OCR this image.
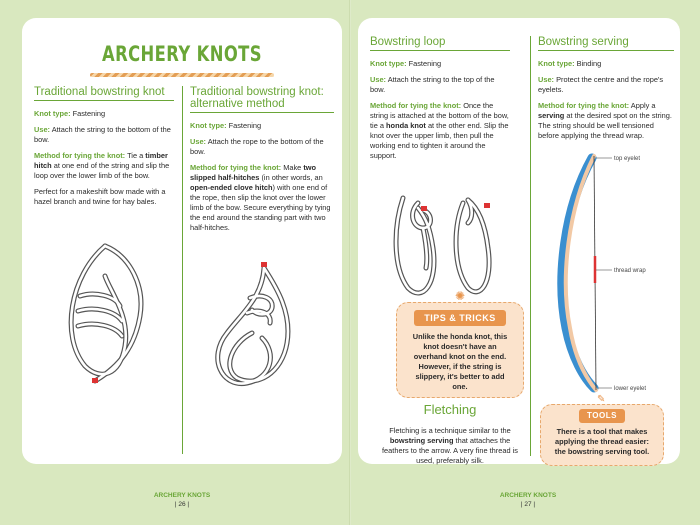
ARCHERY KNOTS
Traditional bowstring knot

Knot type: Fastening

Use: Attach the string to the bottom of the bow.

Method for tying the knot: Tie a timber hitch at one end of the string and slip the loop over the lower limb of the bow.

Perfect for a makeshift bow made with a hazel branch and twine for hay bales.

Traditional bowstring knot: alternative method

Knot type: Fastening

Use: Attach the rope to the bottom of the bow.

Method for tying the knot: Make two slipped half-hitches (in other words, an open-ended clove hitch) with one end of the rope, then slip the knot over the lower limb of the bow. Secure everything by tying the end around the standing part with two half-hitches.

Bowstring loop

Knot type: Fastening

Use: Attach the string to the top of the bow.

Method for tying the knot: Once the string is attached at the bottom of the bow, tie a honda knot at the other end. Slip the knot over the upper limb, then pull the working end to tighten it around the support.

✺
TIPS & TRICKS
Unlike the honda knot, this knot doesn't have an overhand knot on the end. However, if the string is slippery, it's better to add one.
Fletching

Fletching is a technique similar to the bowstring serving that attaches the feathers to the arrow. A very fine thread is used, preferably silk.

Bowstring serving

Knot type: Binding

Use: Protect the centre and the rope's eyelets.

Method for tying the knot: Apply a serving at the desired spot on the string. The string should be well tensioned before applying the thread wrap.

top eyelet
thread wrap
lower eyelet
✎
TOOLS
There is a tool that makes applying the thread easier: the bowstring serving tool.
ARCHERY KNOTS
| 26 |
ARCHERY KNOTS
| 27 |
